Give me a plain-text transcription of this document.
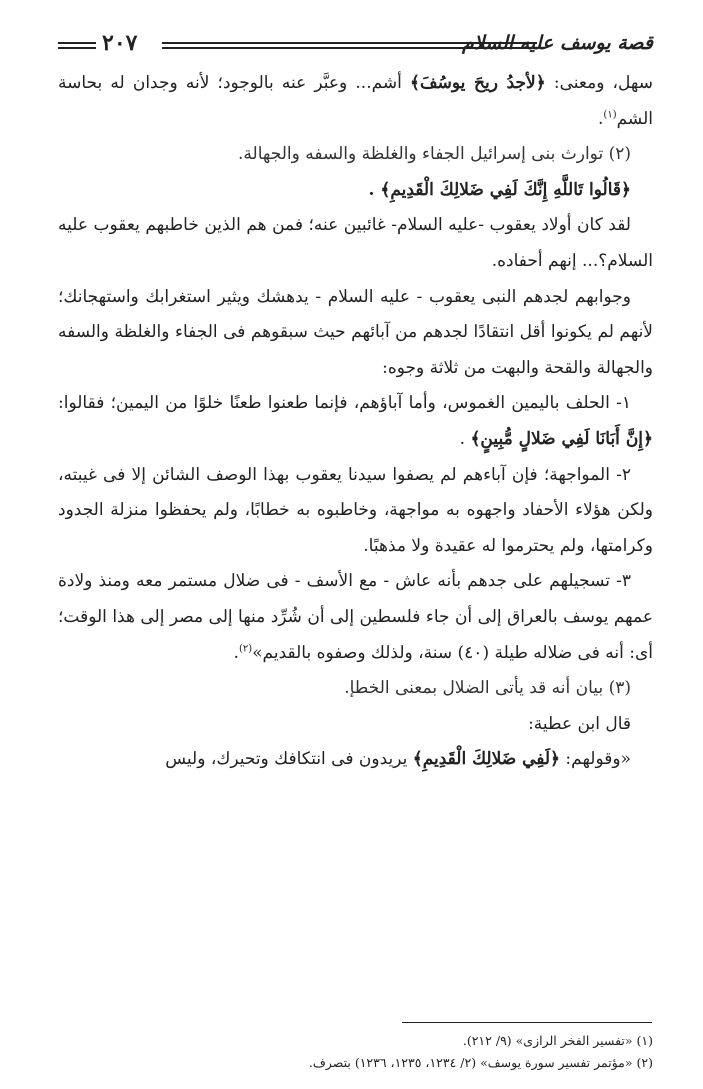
٢٠٧	قصة يوسف عليه السلام

سهل، ومعنى: ﴿لأجدُ ريحَ يوسُفَ﴾ أشم... وعبَّر عنه بالوجود؛ لأنه وجدان له بحاسة الشم$^{(١)}$.

(٢) توارث بنى إسرائيل الجفاء والغلظة والسفه والجهالة.

﴿قَالُوا تَاللَّهِ إِنَّكَ لَفِي ضَلالِكَ الْقَدِيمِ﴾ .

لقد كان أولاد يعقوب -عليه السلام- غائبين عنه؛ فمن هم الذين خاطبهم يعقوب عليه السلام؟... إنهم أحفاده.

وجوابهم لجدهم النبى يعقوب - عليه السلام - يدهشك ويثير استغرابك واستهجانك؛ لأنهم لم يكونوا أقل انتقادًا لجدهم من آبائهم حيث سبقوهم فى الجفاء والغلظة والسفه والجهالة والقحة والبهت من ثلاثة وجوه:

١- الحلف باليمين الغموس، وأما آباؤهم، فإنما طعنوا طعنًا خلوًا من اليمين؛ فقالوا: ﴿إِنَّ أَبَانَا لَفِي ضَلالٍ مُّبِينٍ﴾ .

٢- المواجهة؛ فإن آباءهم لم يصفوا سيدنا يعقوب بهذا الوصف الشائن إلا فى غيبته، ولكن هؤلاء الأحفاد واجهوه به مواجهة، وخاطبوه به خطابًا، ولم يحفظوا منزلة الجدود وكرامتها، ولم يحترموا له عقيدة ولا مذهبًا.

٣- تسجيلهم على جدهم بأنه عاش - مع الأسف - فى ضلال مستمر معه ومنذ ولادة عمهم يوسف بالعراق إلى أن جاء فلسطين إلى أن شُرِّد منها إلى مصر إلى هذا الوقت؛ أى: أنه فى ضلاله طيلة (٤٠) سنة، ولذلك وصفوه بالقديم»$^{(٢)}$.

(٣) بيان أنه قد يأتى الضلال بمعنى الخطإ.

قال ابن عطية:

«وقولهم: ﴿لَفِي ضَلالِكَ الْقَدِيمِ﴾ يريدون فى انتكافك وتحيرك، وليس

(١) «تفسير الفخر الرازى» (٩/ ٢١٢).
(٢) «مؤتمر تفسير سورة يوسف» (٢/ ١٢٣٤، ١٢٣٥، ١٢٣٦) بتصرف.
